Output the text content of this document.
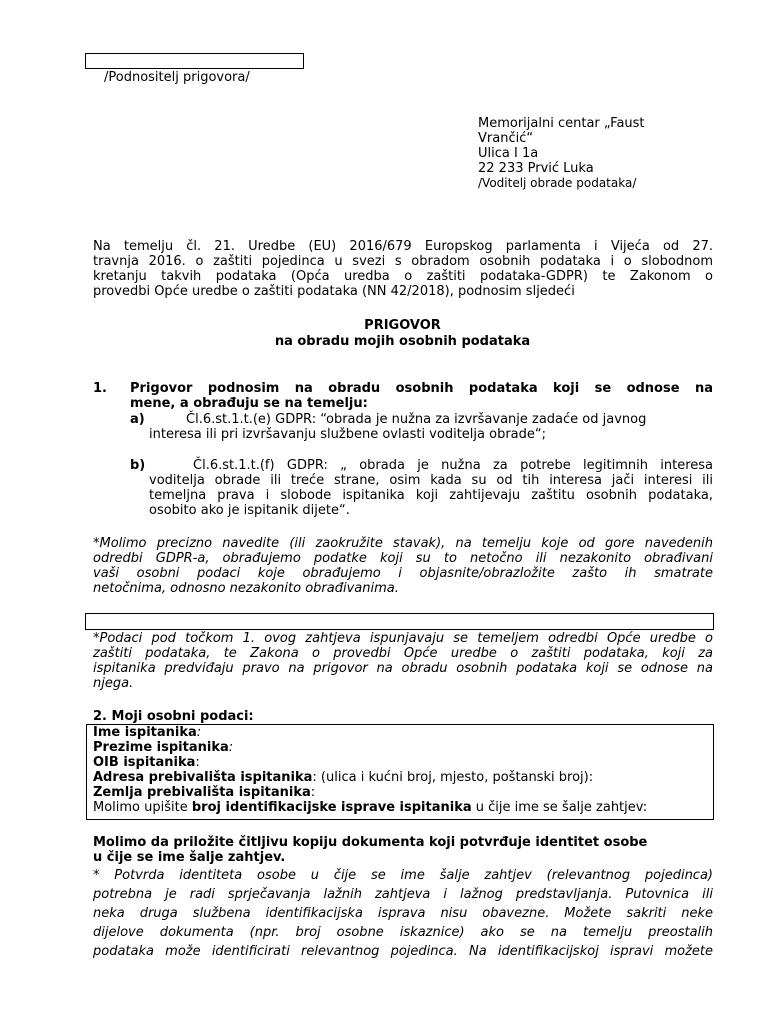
/Podnositelj prigovora/
Memorijalni centar „Faust
Vrančić“
Ulica I 1a
22 233 Prvić Luka
/Voditelj obrade podataka/
Na temelju čl. 21. Uredbe (EU) 2016/679 Europskog parlamenta i Vijeća od 27.
travnja 2016. o zaštiti pojedinca u svezi s obradom osobnih podataka i o slobodnom
kretanju takvih podataka (Opća uredba o zaštiti podataka-GDPR) te Zakonom o
provedbi Opće uredbe o zaštiti podataka (NN 42/2018), podnosim sljedeći
PRIGOVOR
na obradu mojih osobnih podataka
1. Prigovor podnosim na obradu osobnih podataka koji se odnose na
mene, a obrađuju se na temelju:
a)	Čl.6.st.1.t.(e) GDPR: “obrada je nužna za izvršavanje zadaće od javnog
interesa ili pri izvršavanju službene ovlasti voditelja obrade“;
b)	Čl.6.st.1.t.(f) GDPR: „ obrada je nužna za potrebe legitimnih interesa
voditelja obrade ili treće strane, osim kada su od tih interesa jači interesi ili
temeljna prava i slobode ispitanika koji zahtijevaju zaštitu osobnih podataka,
osobito ako je ispitanik dijete“.
*Molimo precizno navedite (ili zaokružite stavak), na temelju koje od gore navedenih
odredbi GDPR-a, obrađujemo podatke koji su to netočno ili nezakonito obrađivani
vaši osobni podaci koje obrađujemo i objasnite/obrazložite zašto ih smatrate
netočnima, odnosno nezakonito obrađivanima.
*Podaci pod točkom 1. ovog zahtjeva ispunjavaju se temeljem odredbi Opće uredbe o
zaštiti podataka, te Zakona o provedbi Opće uredbe o zaštiti podataka, koji za
ispitanika predviđaju pravo na prigovor na obradu osobnih podataka koji se odnose na
njega.
2. Moji osobni podaci:
Ime ispitanika:
Prezime ispitanika:
OIB ispitanika:
Adresa prebivališta ispitanika: (ulica i kućni broj, mjesto, poštanski broj):
Zemlja prebivališta ispitanika:
Molimo upišite broj identifikacijske isprave ispitanika u čije ime se šalje zahtjev:
Molimo da priložite čitljivu kopiju dokumenta koji potvrđuje identitet osobe
u čije se ime šalje zahtjev.
* Potvrda identiteta osobe u čije se ime šalje zahtjev (relevantnog pojedinca)
potrebna je radi sprječavanja lažnih zahtjeva i lažnog predstavljanja. Putovnica ili
neka druga službena identifikacijska isprava nisu obavezne. Možete sakriti neke
dijelove dokumenta (npr. broj osobne iskaznice) ako se na temelju preostalih
podataka može identificirati relevantnog pojedinca. Na identifikacijskoj ispravi možete
